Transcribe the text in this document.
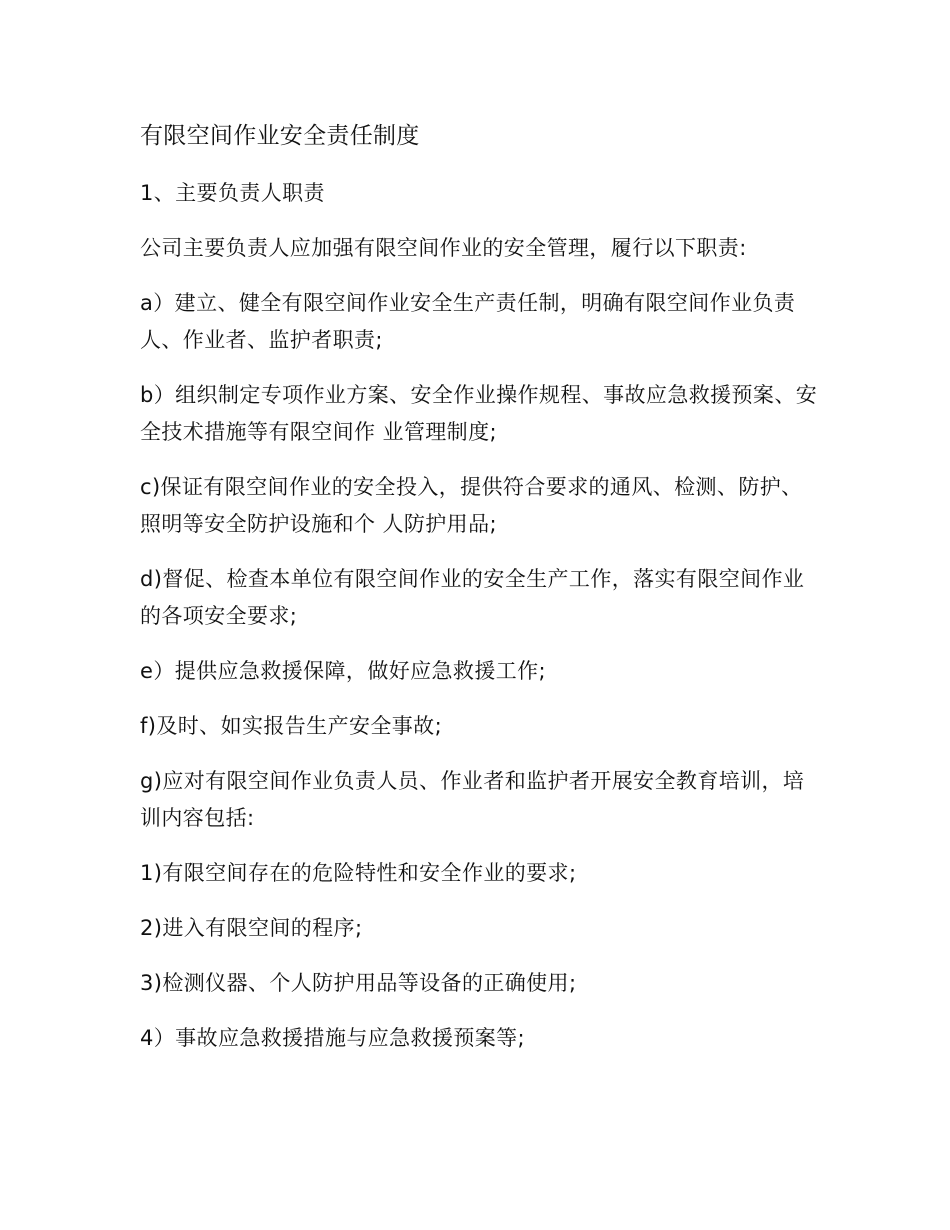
有限空间作业安全责任制度
1、主要负责人职责
公司主要负责人应加强有限空间作业的安全管理，履行以下职责:
a）建立、健全有限空间作业安全生产责任制，明确有限空间作业负责人、作业者、监护者职责;
b）组织制定专项作业方案、安全作业操作规程、事故应急救援预案、安全技术措施等有限空间作 业管理制度;
c)保证有限空间作业的安全投入，提供符合要求的通风、检测、防护、照明等安全防护设施和个 人防护用品;
d)督促、检查本单位有限空间作业的安全生产工作，落实有限空间作业的各项安全要求;
e）提供应急救援保障，做好应急救援工作;
f)及时、如实报告生产安全事故;
g)应对有限空间作业负责人员、作业者和监护者开展安全教育培训，培训内容包括:
1)有限空间存在的危险特性和安全作业的要求;
2)进入有限空间的程序;
3)检测仪器、个人防护用品等设备的正确使用;
4）事故应急救援措施与应急救援预案等;
